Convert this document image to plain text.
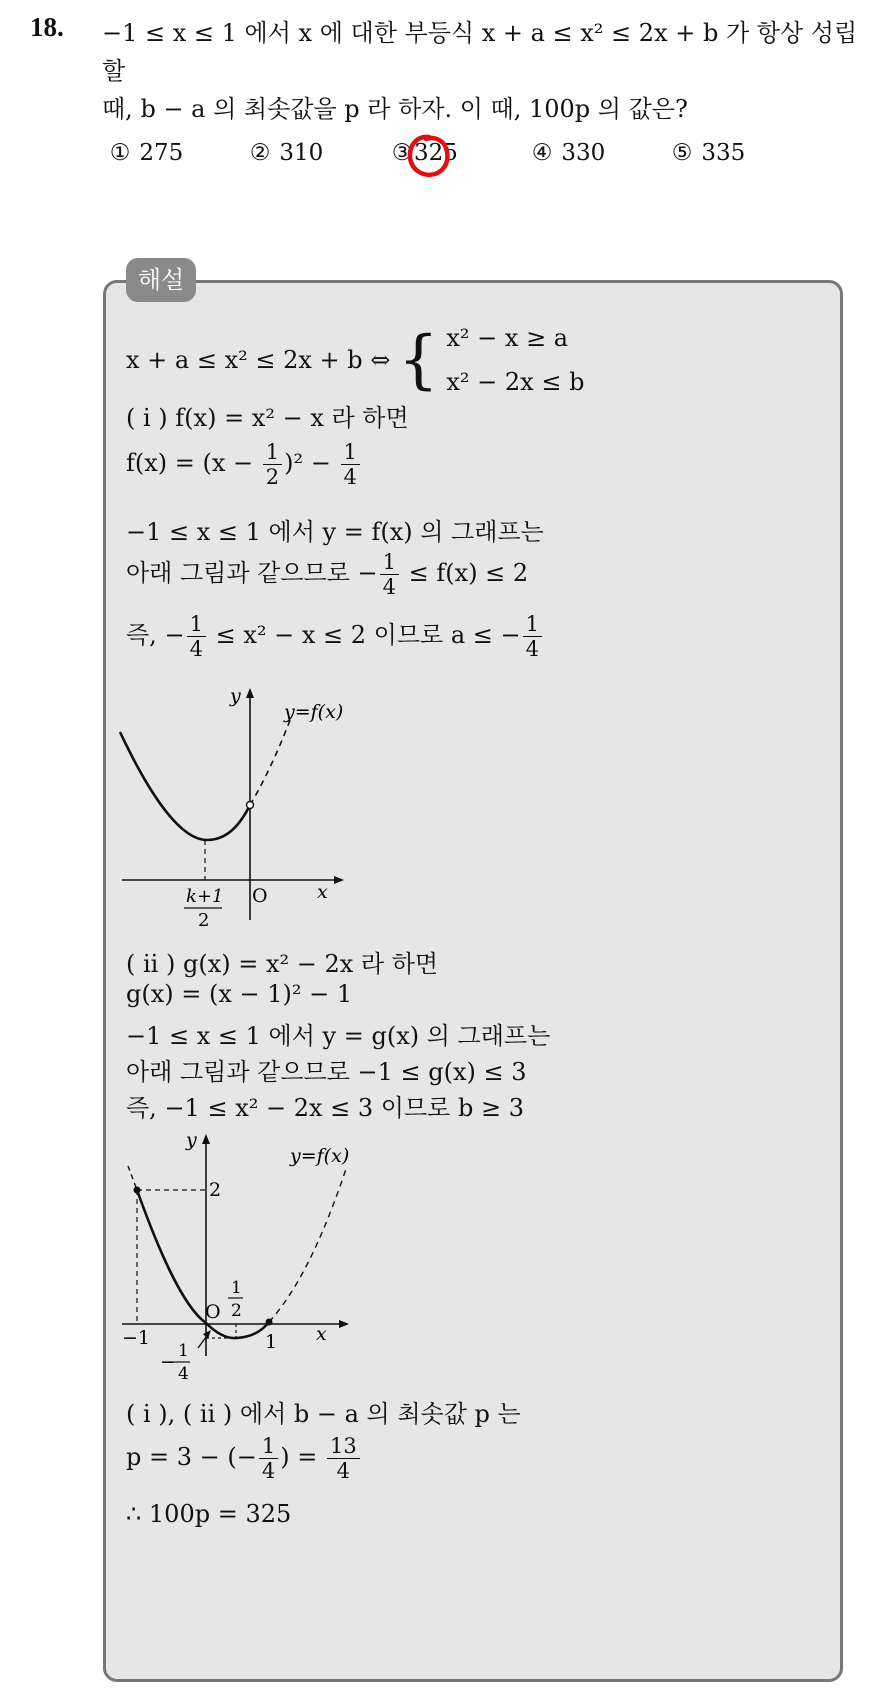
18. −1 ≤ x ≤ 1 에서 x 에 대한 부등식 x + a ≤ x² ≤ 2x + b 가 항상 성립할
때, b − a 의 최솟값을 p 라 하자. 이 때, 100p 의 값은?
① 275	② 310	③325	④ 330	⑤ 335
해설
x + a ≤ x² ≤ 2x + b ⇔ { x² − x ≥ a
x² − 2x ≤ b
( i ) f(x) = x² − x 라 하면
$f(x) = (x - \frac{1}{2} )^2 - \frac{1}{4}$
−1 ≤ x ≤ 1 에서 y = f(x) 의 그래프는
아래 그림과 같으므로 − $\frac{1}{4} \le f(x) \le 2$
즉, − $\frac{1}{4} \le x^2 - x \le 2$ 이므로 a ≤ − $\frac{1}{4}$
y
x
O
y=f(x)
k+1
2
( ii ) g(x) = x² − 2x 라 하면
g(x) = (x − 1)² − 1
−1 ≤ x ≤ 1 에서 y = g(x) 의 그래프는
아래 그림과 같으므로 −1 ≤ g(x) ≤ 3
즉, −1 ≤ x² − 2x ≤ 3 이므로 b ≥ 3
y
x
O
y=f(x)
2
−1	1
1
2
− 1
4
( i ), ( ii ) 에서 b − a 의 최솟값 p 는
p = 3 − (− $\frac{1}{4}$ ) = $\frac{13}{4}$
∴ 100p = 325
